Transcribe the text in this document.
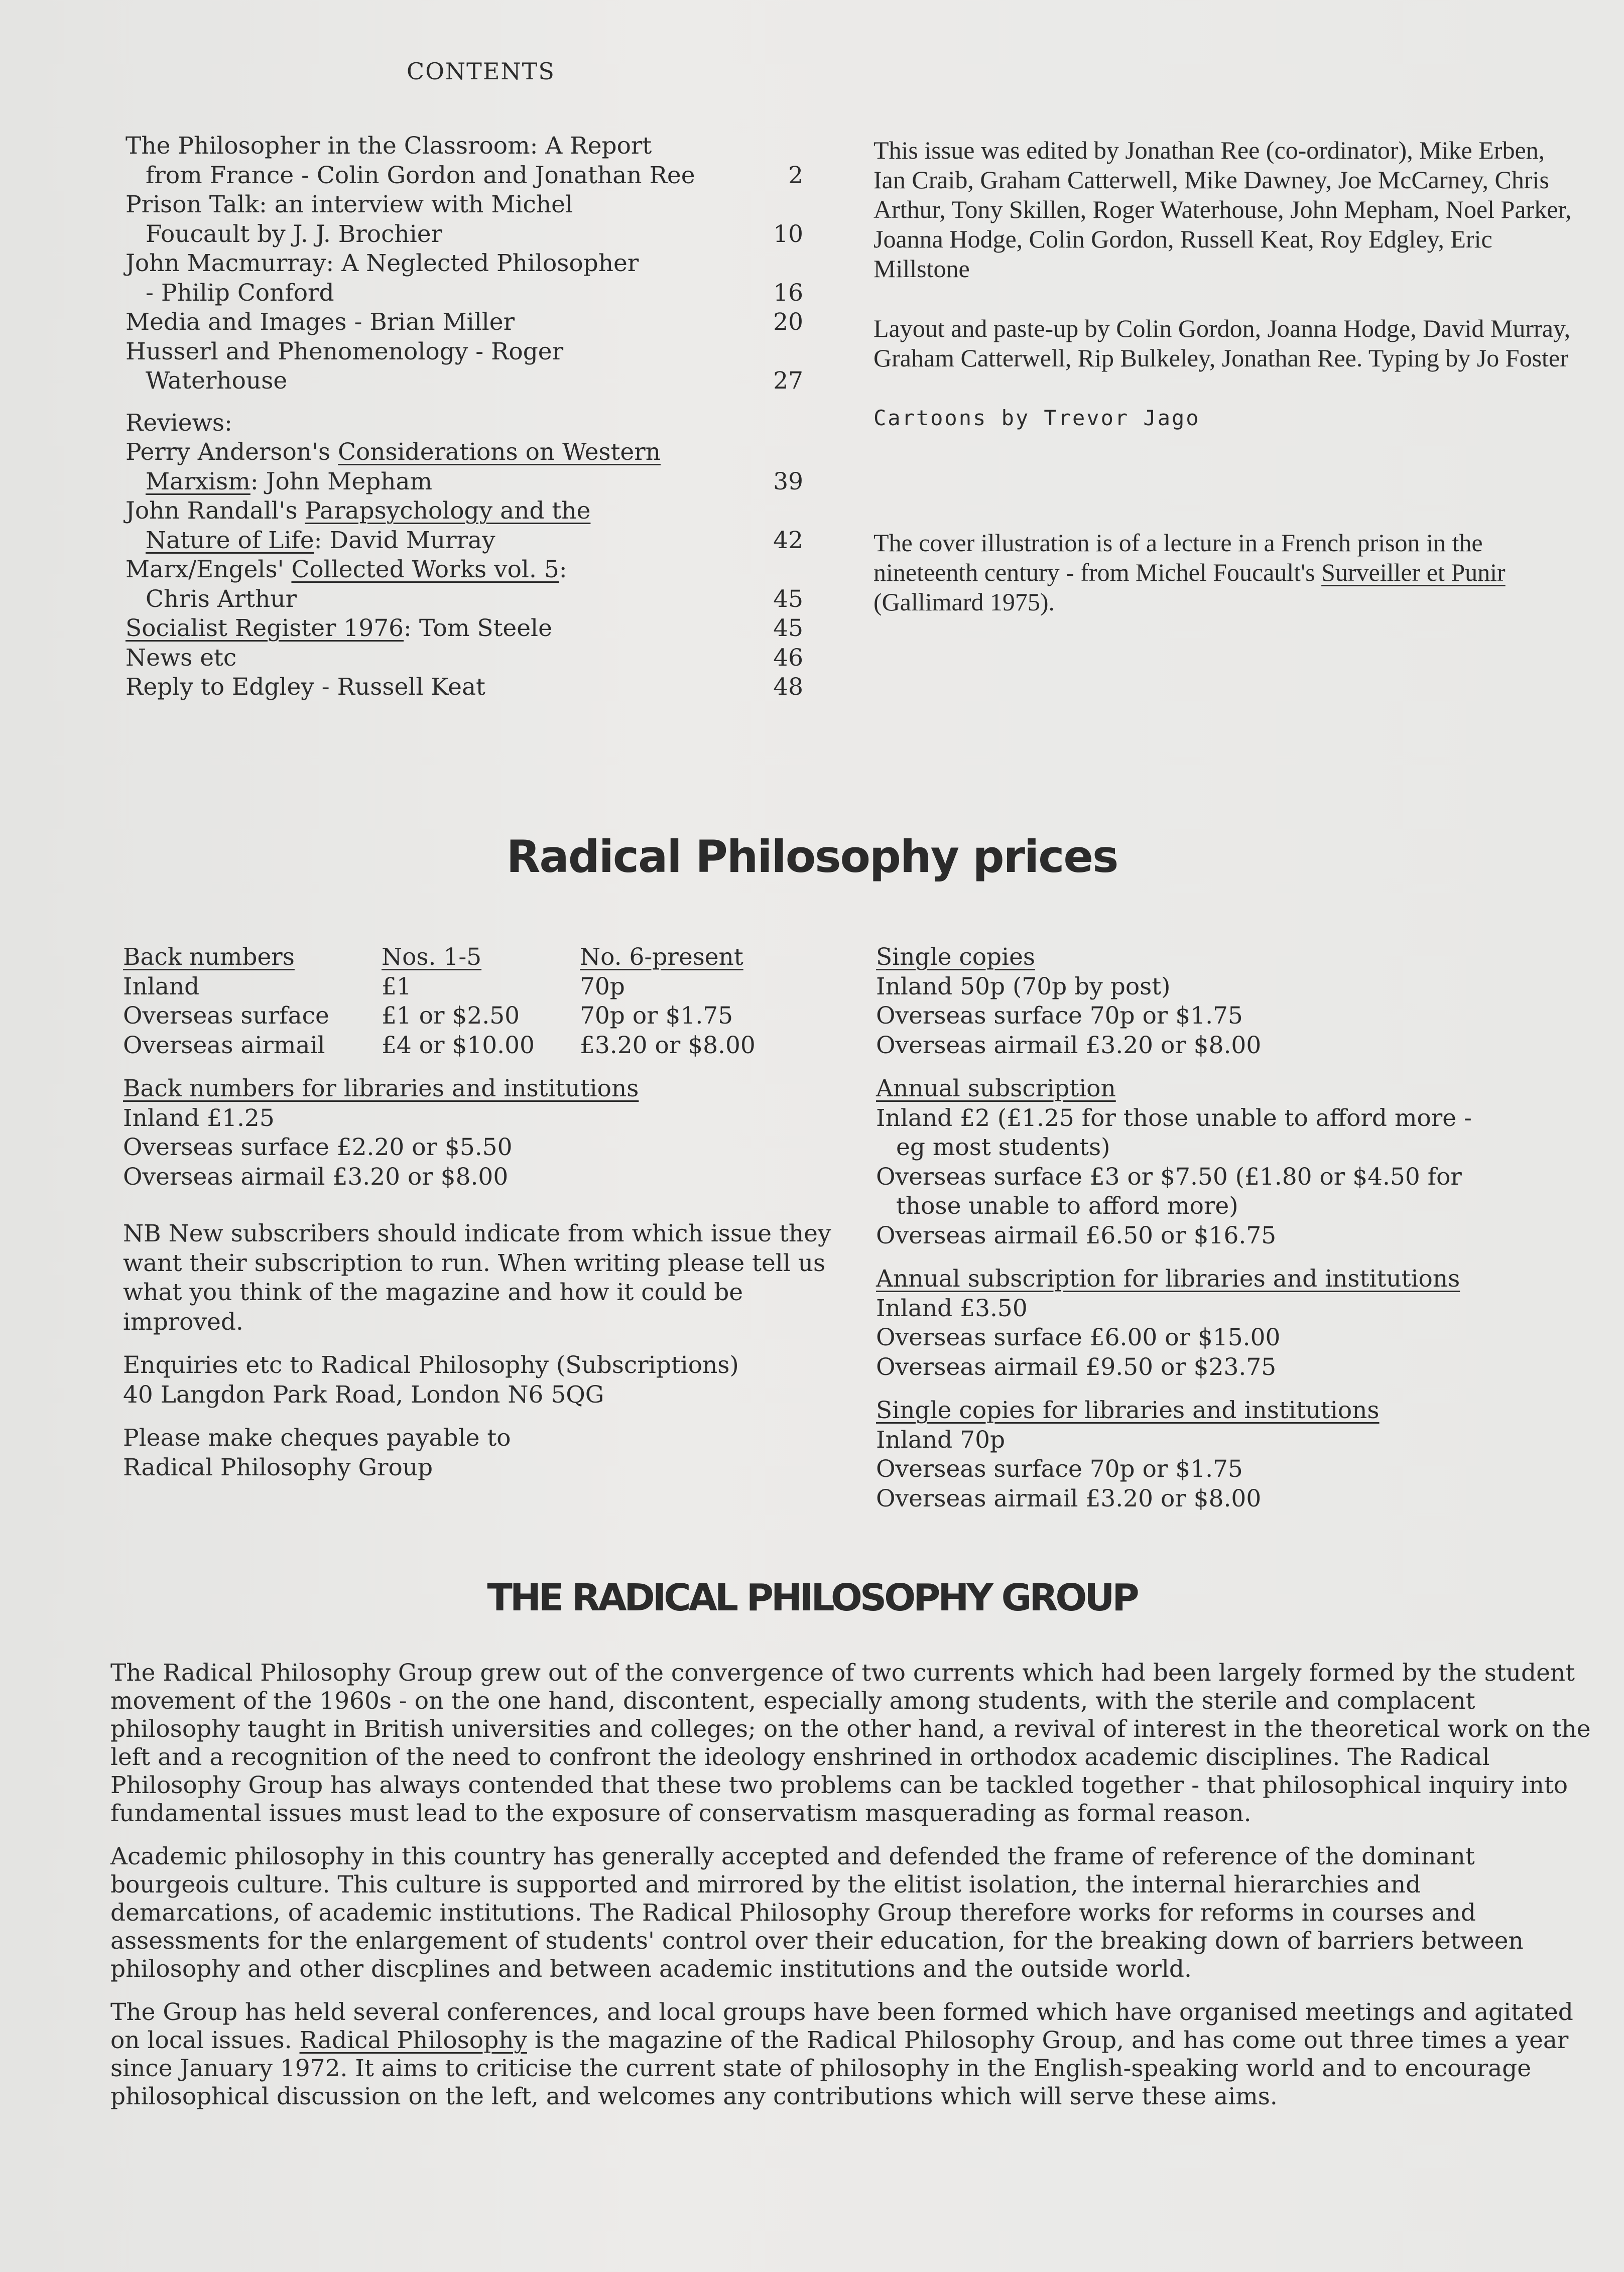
CONTENTS
The Philosopher in the Classroom: A Report
from France - Colin Gordon and Jonathan Ree	2
Prison Talk: an interview with Michel
Foucault by J. J. Brochier	10
John Macmurray: A Neglected Philosopher
- Philip Conford	16
Media and Images - Brian Miller	20
Husserl and Phenomenology - Roger
Waterhouse	27
Reviews:
Perry Anderson's Considerations on Western
Marxism: John Mepham	39
John Randall's Parapsychology and the
Nature of Life: David Murray	42
Marx/Engels' Collected Works vol. 5:
Chris Arthur	45
Socialist Register 1976: Tom Steele	45
News etc	46
Reply to Edgley - Russell Keat	48

This issue was edited by Jonathan Ree (co-ordinator), Mike Erben, Ian Craib, Graham Catterwell, Mike Dawney, Joe McCarney, Chris Arthur, Tony Skillen, Roger Waterhouse, John Mepham, Noel Parker, Joanna Hodge, Colin Gordon, Russell Keat, Roy Edgley, Eric Millstone

Layout and paste-up by Colin Gordon, Joanna Hodge, David Murray, Graham Catterwell, Rip Bulkeley, Jonathan Ree. Typing by Jo Foster

Cartoons by Trevor Jago

The cover illustration is of a lecture in a French prison in the nineteenth century - from Michel Foucault's Surveiller et Punir (Gallimard 1975).

Radical Philosophy prices
Back numbers	Nos. 1-5	No. 6-present
Inland	£1	70p
Overseas surface	£1 or $2.50	70p or $1.75
Overseas airmail	£4 or $10.00	£3.20 or $8.00
Back numbers for libraries and institutions
Inland £1.25
Overseas surface £2.20 or $5.50
Overseas airmail £3.20 or $8.00

NB New subscribers should indicate from which issue they want their subscription to run. When writing please tell us what you think of the magazine and how it could be improved.

Enquiries etc to Radical Philosophy (Subscriptions)
40 Langdon Park Road, London N6 5QG
Please make cheques payable to
Radical Philosophy Group
Single copies
Inland 50p (70p by post)
Overseas surface 70p or $1.75
Overseas airmail £3.20 or $8.00
Annual subscription
Inland £2 (£1.25 for those unable to afford more -
eg most students)
Overseas surface £3 or $7.50 (£1.80 or $4.50 for
those unable to afford more)
Overseas airmail £6.50 or $16.75
Annual subscription for libraries and institutions
Inland £3.50
Overseas surface £6.00 or $15.00
Overseas airmail £9.50 or $23.75
Single copies for libraries and institutions
Inland 70p
Overseas surface 70p or $1.75
Overseas airmail £3.20 or $8.00
THE RADICAL PHILOSOPHY GROUP

The Radical Philosophy Group grew out of the convergence of two currents which had been largely formed by the student movement of the 1960s - on the one hand, discontent, especially among students, with the sterile and complacent philosophy taught in British universities and colleges; on the other hand, a revival of interest in the theoretical work on the left and a recognition of the need to confront the ideology enshrined in orthodox academic disciplines. The Radical Philosophy Group has always contended that these two problems can be tackled together - that philosophical inquiry into fundamental issues must lead to the exposure of conservatism masquerading as formal reason.

Academic philosophy in this country has generally accepted and defended the frame of reference of the dominant bourgeois culture. This culture is supported and mirrored by the elitist isolation, the internal hierarchies and demarcations, of academic institutions. The Radical Philosophy Group therefore works for reforms in courses and assessments for the enlargement of students' control over their education, for the breaking down of barriers between philosophy and other discplines and between academic institutions and the outside world.

The Group has held several conferences, and local groups have been formed which have organised meetings and agitated on local issues. Radical Philosophy is the magazine of the Radical Philosophy Group, and has come out three times a year since January 1972. It aims to criticise the current state of philosophy in the English-speaking world and to encourage philosophical discussion on the left, and welcomes any contributions which will serve these aims.
